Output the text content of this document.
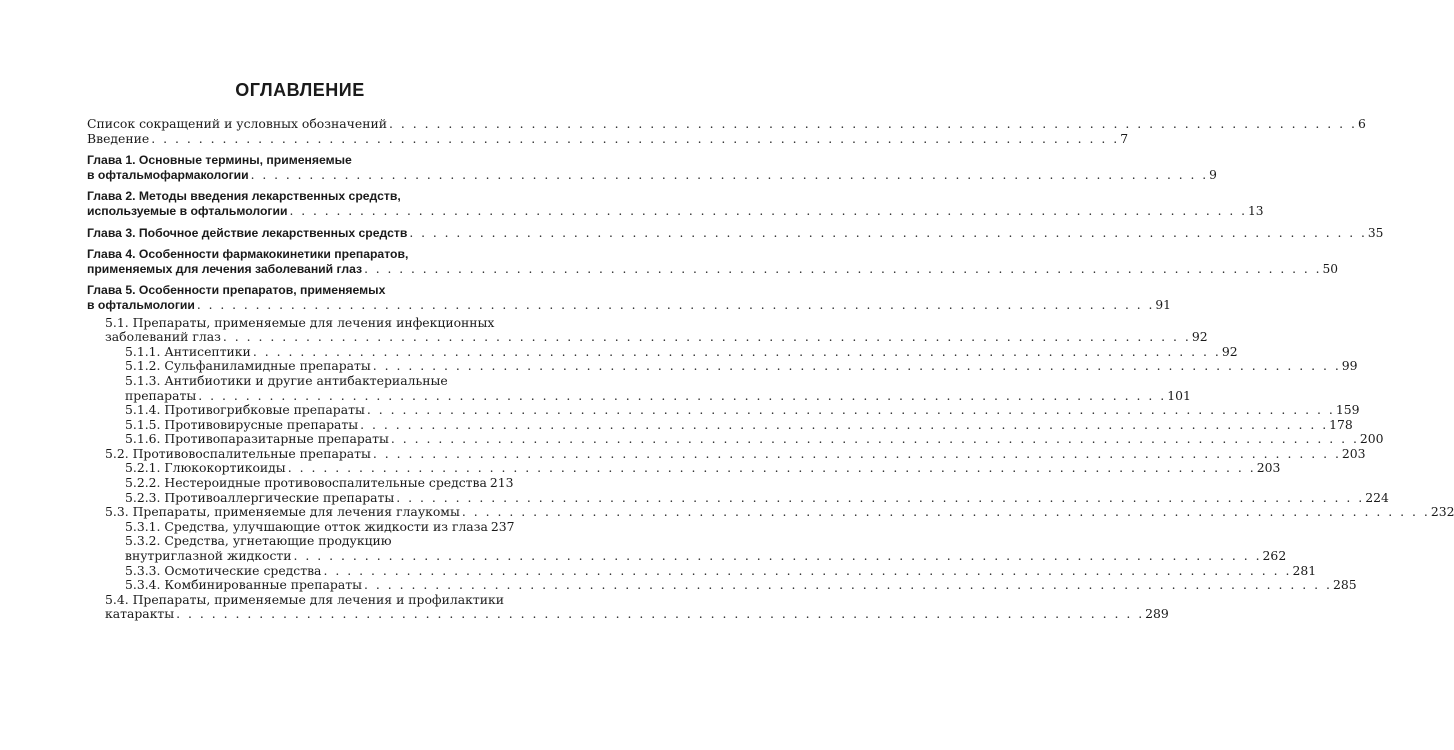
ОГЛАВЛЕНИЕ
Список сокращений и условных обозначений . . .	6
Введение . . .	7
Глава 1. Основные термины, применяемые
в офтальмофармакологии . . .	9
Глава 2. Методы введения лекарственных средств,
используемые в офтальмологии . . .	13
Глава 3. Побочное действие лекарственных средств . . .	35
Глава 4. Особенности фармакокинетики препаратов,
применяемых для лечения заболеваний глаз . . .	50
Глава 5. Особенности препаратов, применяемых
в офтальмологии . . .	91
5.1. Препараты, применяемые для лечения инфекционных
заболеваний глаз . . .	92
5.1.1. Антисептики . . .	92
5.1.2. Сульфаниламидные препараты . . .	99
5.1.3. Антибиотики и другие антибактериальные
препараты . . .	101
5.1.4. Противогрибковые препараты . . .	159
5.1.5. Противовирусные препараты . . .	178
5.1.6. Противопаразитарные препараты . . .	200
5.2. Противовоспалительные препараты . . .	203
5.2.1. Глюкокортикоиды . . .	203
5.2.2. Нестероидные противовоспалительные средства 213
5.2.3. Противоаллергические препараты . . .	224
5.3. Препараты, применяемые для лечения глаукомы . . .	232
5.3.1. Средства, улучшающие отток жидкости из глаза 237
5.3.2. Средства, угнетающие продукцию
внутриглазной жидкости . . .	262
5.3.3. Осмотические средства . . .	281
5.3.4. Комбинированные препараты . . .	285
5.4. Препараты, применяемые для лечения и профилактики
катаракты . . .	289
